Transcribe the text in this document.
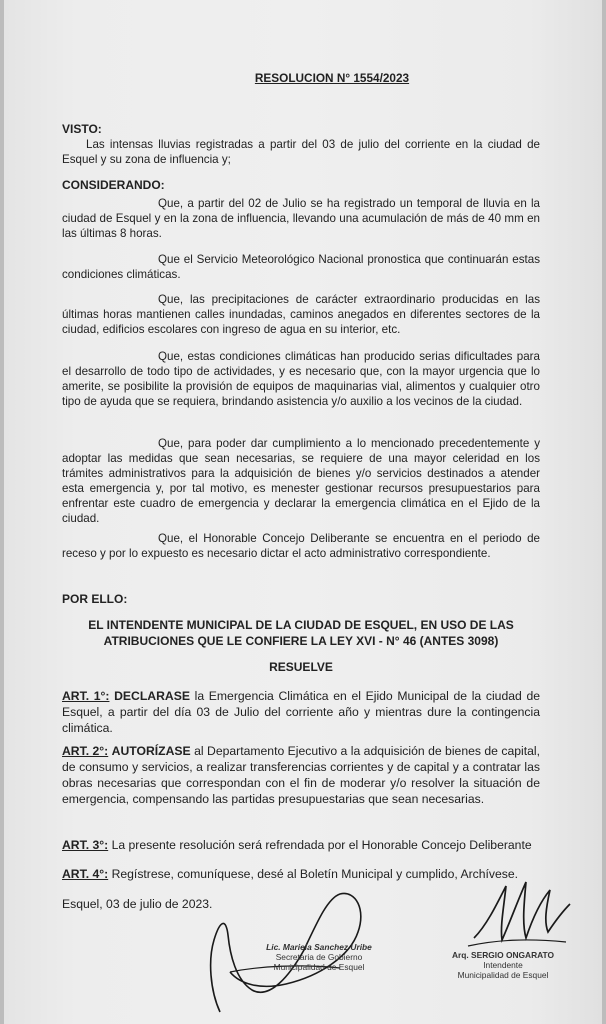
RESOLUCION N° 1554/2023
VISTO:

Las intensas lluvias registradas a partir del 03 de julio del corriente en la ciudad de Esquel y su zona de influencia y;

CONSIDERANDO:

Que, a partir del 02 de Julio se ha registrado un temporal de lluvia en la ciudad de Esquel y en la zona de influencia, llevando una acumulación de más de 40 mm en las últimas 8 horas.

Que el Servicio Meteorológico Nacional pronostica que continuarán estas condiciones climáticas.

Que, las precipitaciones de carácter extraordinario producidas en las últimas horas mantienen calles inundadas, caminos anegados en diferentes sectores de la ciudad, edificios escolares con ingreso de agua en su interior, etc.

Que, estas condiciones climáticas han producido serias dificultades para el desarrollo de todo tipo de actividades, y es necesario que, con la mayor urgencia que lo amerite, se posibilite la provisión de equipos de maquinarias vial, alimentos y cualquier otro tipo de ayuda que se requiera, brindando asistencia y/o auxilio a los vecinos de la ciudad.

Que, para poder dar cumplimiento a lo mencionado precedentemente y adoptar las medidas que sean necesarias, se requiere de una mayor celeridad en los trámites administrativos para la adquisición de bienes y/o servicios destinados a atender esta emergencia y, por tal motivo, es menester gestionar recursos presupuestarios para enfrentar este cuadro de emergencia y declarar la emergencia climática en el Ejido de la ciudad.

Que, el Honorable Concejo Deliberante se encuentra en el periodo de receso y por lo expuesto es necesario dictar el acto administrativo correspondiente.

POR ELLO:
EL INTENDENTE MUNICIPAL DE LA CIUDAD DE ESQUEL, EN USO DE LAS
ATRIBUCIONES QUE LE CONFIERE LA LEY XVI - N° 46 (ANTES 3098)
RESUELVE

ART. 1°: DECLARASE la Emergencia Climática en el Ejido Municipal de la ciudad de Esquel, a partir del día 03 de Julio del corriente año y mientras dure la contingencia climática.

ART. 2°: AUTORÍZASE al Departamento Ejecutivo a la adquisición de bienes de capital, de consumo y servicios, a realizar transferencias corrientes y de capital y a contratar las obras necesarias que correspondan con el fin de moderar y/o resolver la situación de emergencia, compensando las partidas presupuestarias que sean necesarias.

ART. 3°: La presente resolución será refrendada por el Honorable Concejo Deliberante

ART. 4°: Regístrese, comuníquese, desé al Boletín Municipal y cumplido, Archívese.

Esquel, 03 de julio de 2023.
Lic. Mariela Sanchez Uribe
Secretaria de Gobierno
Municipalidad de Esquel
Arq. SERGIO ONGARATO
Intendente
Municipalidad de Esquel
